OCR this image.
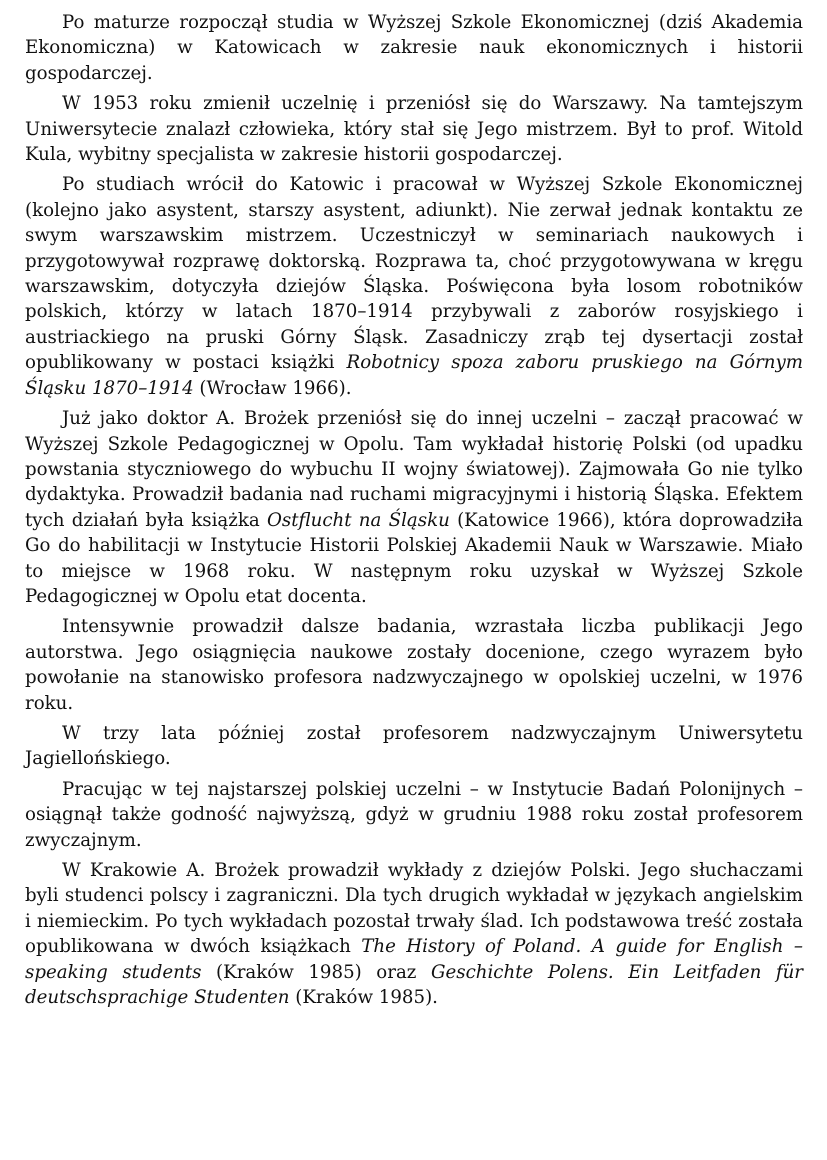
Po maturze rozpoczął studia w Wyższej Szkole Ekonomicznej (dziś Akademia Ekonomiczna) w Katowicach w zakresie nauk ekonomicznych i historii gospodarczej.

W 1953 roku zmienił uczelnię i przeniósł się do Warszawy. Na tamtejszym Uniwersytecie znalazł człowieka, który stał się Jego mistrzem. Był to prof. Witold Kula, wybitny specjalista w zakresie historii gospodarczej.

Po studiach wrócił do Katowic i pracował w Wyższej Szkole Ekonomicznej (kolejno jako asystent, starszy asystent, adiunkt). Nie zerwał jednak kontaktu ze swym warszawskim mistrzem. Uczestniczył w seminariach naukowych i przygotowywał rozprawę doktorską. Rozprawa ta, choć przygotowywana w kręgu warszawskim, dotyczyła dziejów Śląska. Poświęcona była losom robotników polskich, którzy w latach 1870–1914 przybywali z zaborów rosyjskiego i austriackiego na pruski Górny Śląsk. Zasadniczy zrąb tej dysertacji został opublikowany w postaci książki Robotnicy spoza zaboru pruskiego na Górnym Śląsku 1870–1914 (Wrocław 1966).

Już jako doktor A. Brożek przeniósł się do innej uczelni – zaczął pracować w Wyższej Szkole Pedagogicznej w Opolu. Tam wykładał historię Polski (od upadku powstania styczniowego do wybuchu II wojny światowej). Zajmowała Go nie tylko dydaktyka. Prowadził badania nad ruchami migracyjnymi i historią Śląska. Efektem tych działań była książka Ostflucht na Śląsku (Katowice 1966), która doprowadziła Go do habilitacji w Instytucie Historii Polskiej Akademii Nauk w Warszawie. Miało to miejsce w 1968 roku. W następnym roku uzyskał w Wyższej Szkole Pedagogicznej w Opolu etat docenta.

Intensywnie prowadził dalsze badania, wzrastała liczba publikacji Jego autorstwa. Jego osiągnięcia naukowe zostały docenione, czego wyrazem było powołanie na stanowisko profesora nadzwyczajnego w opolskiej uczelni, w 1976 roku.

W trzy lata później został profesorem nadzwyczajnym Uniwersytetu Jagiellońskiego.

Pracując w tej najstarszej polskiej uczelni – w Instytucie Badań Polonijnych – osiągnął także godność najwyższą, gdyż w grudniu 1988 roku został profesorem zwyczajnym.

W Krakowie A. Brożek prowadził wykłady z dziejów Polski. Jego słuchaczami byli studenci polscy i zagraniczni. Dla tych drugich wykładał w językach angielskim i niemieckim. Po tych wykładach pozostał trwały ślad. Ich podstawowa treść została opublikowana w dwóch książkach The History of Poland. A guide for English – speaking students (Kraków 1985) oraz Geschichte Polens. Ein Leitfaden für deutschsprachige Studenten (Kraków 1985).
